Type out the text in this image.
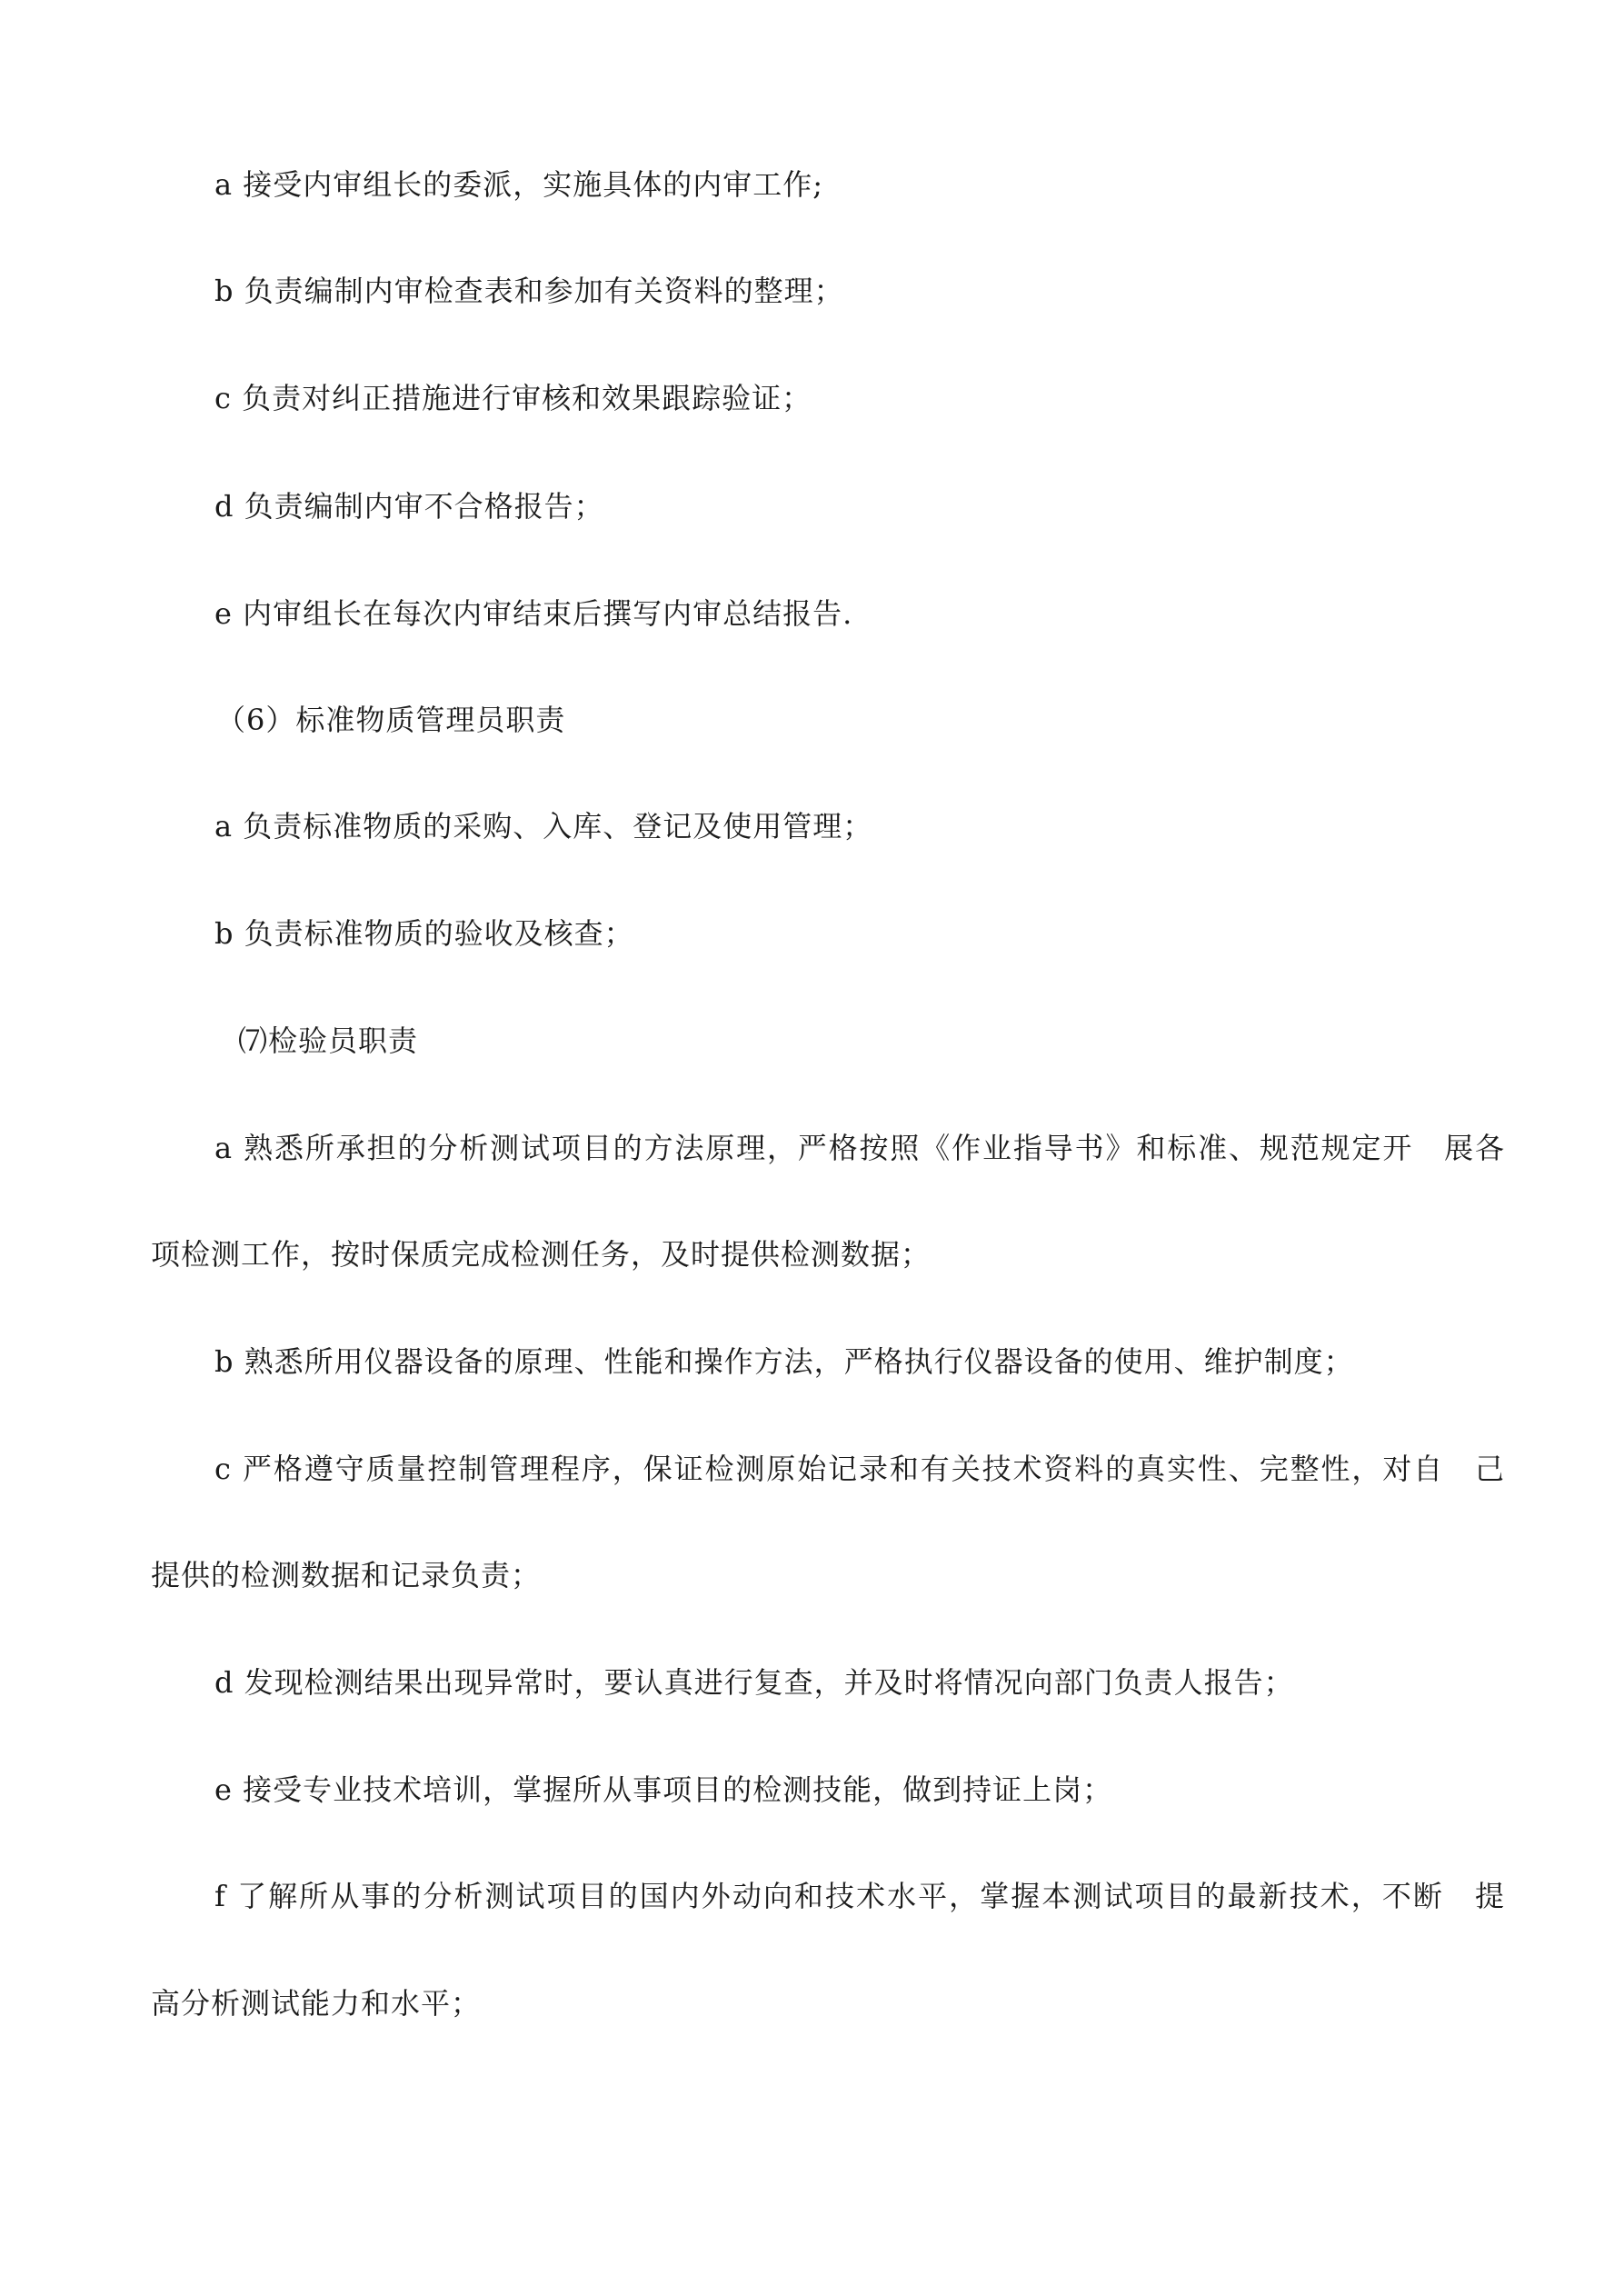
a 接受内审组长的委派，实施具体的内审工作;
b 负责编制内审检查表和参加有关资料的整理；
c 负责对纠正措施进行审核和效果跟踪验证；
d 负责编制内审不合格报告；
e 内审组长在每次内审结束后撰写内审总结报告.
（6）标准物质管理员职责
a 负责标准物质的采购、入库、登记及使用管理；
b 负责标准物质的验收及核查；
⑺检验员职责
a 熟悉所承担的分析测试项目的方法原理，严格按照《作业指导书》和标准、规范规定开　展各
项检测工作，按时保质完成检测任务，及时提供检测数据；
b 熟悉所用仪器设备的原理、性能和操作方法，严格执行仪器设备的使用、维护制度；
c 严格遵守质量控制管理程序，保证检测原始记录和有关技术资料的真实性、完整性，对自　己
提供的检测数据和记录负责；
d 发现检测结果出现异常时，要认真进行复查，并及时将情况向部门负责人报告；
e 接受专业技术培训，掌握所从事项目的检测技能，做到持证上岗；
f 了解所从事的分析测试项目的国内外动向和技术水平，掌握本测试项目的最新技术，不断　提
高分析测试能力和水平；
